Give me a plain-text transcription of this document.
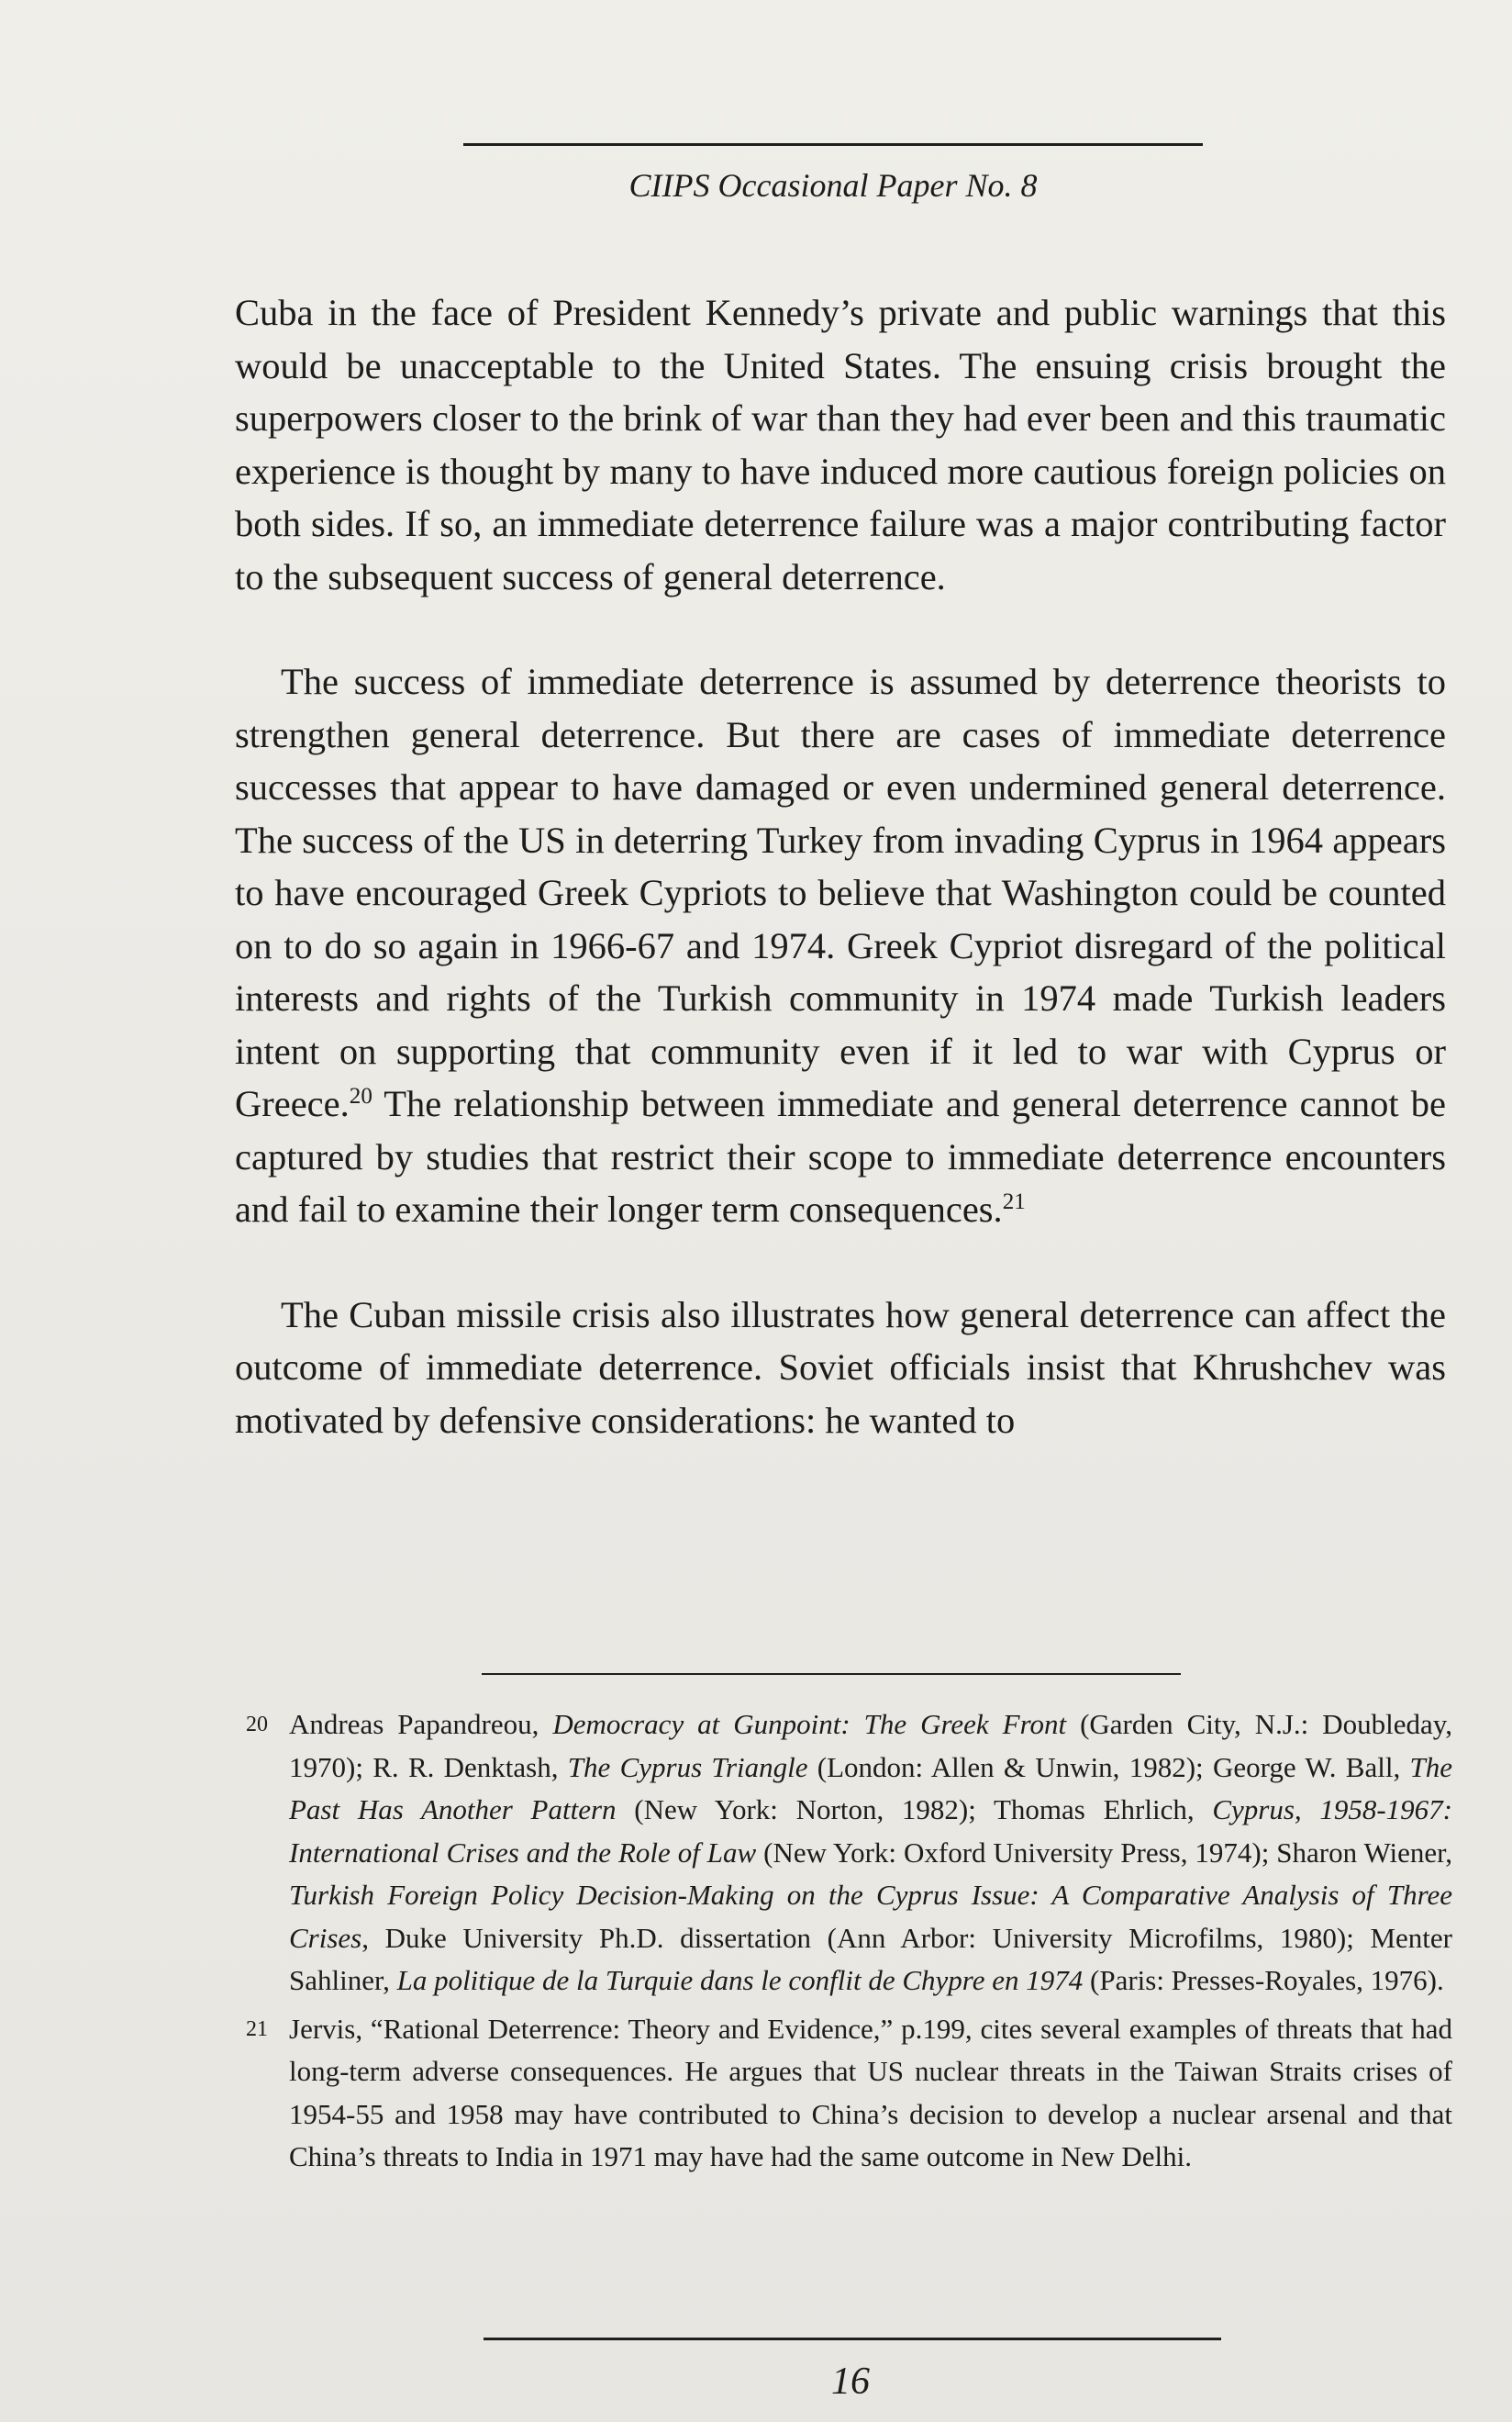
CIIPS Occasional Paper No. 8

Cuba in the face of President Kennedy’s private and public warnings that this would be unacceptable to the United States. The ensuing crisis brought the superpowers closer to the brink of war than they had ever been and this traumatic experience is thought by many to have induced more cautious foreign policies on both sides. If so, an immediate deterrence failure was a major contributing factor to the subsequent success of general deterrence.

The success of immediate deterrence is assumed by deterrence theorists to strengthen general deterrence. But there are cases of immediate deterrence successes that appear to have damaged or even undermined general deterrence. The success of the US in deterring Turkey from invading Cyprus in 1964 appears to have encouraged Greek Cypriots to believe that Washington could be counted on to do so again in 1966-67 and 1974. Greek Cypriot disregard of the political interests and rights of the Turkish community in 1974 made Turkish leaders intent on supporting that community even if it led to war with Cyprus or Greece.$^{20}$ The relationship between immediate and general deterrence cannot be captured by studies that restrict their scope to immediate deterrence encounters and fail to examine their longer term consequences.$^{21}$

The Cuban missile crisis also illustrates how general deterrence can affect the outcome of immediate deterrence. Soviet officials insist that Khrushchev was motivated by defensive considerations: he wanted to

20 Andreas Papandreou, Democracy at Gunpoint: The Greek Front (Garden City, N.J.: Doubleday, 1970); R. R. Denktash, The Cyprus Triangle (London: Allen & Unwin, 1982); George W. Ball, The Past Has Another Pattern (New York: Norton, 1982); Thomas Ehrlich, Cyprus, 1958-1967: International Crises and the Role of Law (New York: Oxford University Press, 1974); Sharon Wiener, Turkish Foreign Policy Decision-Making on the Cyprus Issue: A Comparative Analysis of Three Crises, Duke University Ph.D. dissertation (Ann Arbor: University Microfilms, 1980); Menter Sahliner, La politique de la Turquie dans le conflit de Chypre en 1974 (Paris: Presses-Royales, 1976).
21 Jervis, “Rational Deterrence: Theory and Evidence,” p.199, cites several examples of threats that had long-term adverse consequences. He argues that US nuclear threats in the Taiwan Straits crises of 1954-55 and 1958 may have contributed to China’s decision to develop a nuclear arsenal and that China’s threats to India in 1971 may have had the same outcome in New Delhi.
16
